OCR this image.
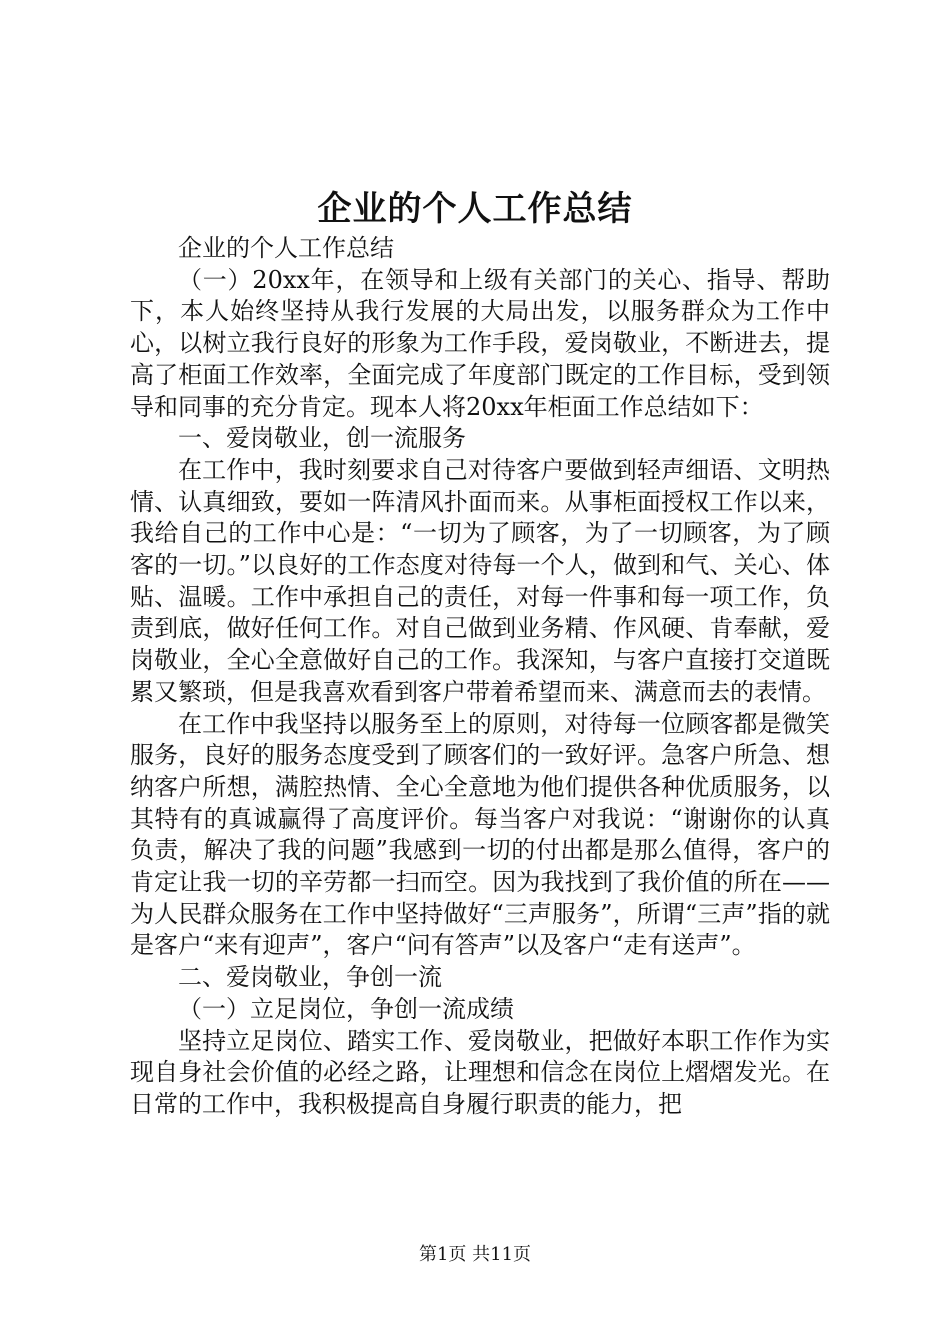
企业的个人工作总结

企业的个人工作总结

（一）20xx年，在领导和上级有关部门的关心、指导、帮助下，本人始终坚持从我行发展的大局出发，以服务群众为工作中心，以树立我行良好的形象为工作手段，爱岗敬业，不断进去，提高了柜面工作效率，全面完成了年度部门既定的工作目标，受到领导和同事的充分肯定。现本人将20xx年柜面工作总结如下：

一、爱岗敬业，创一流服务

在工作中，我时刻要求自己对待客户要做到轻声细语、文明热情、认真细致，要如一阵清风扑面而来。从事柜面授权工作以来，我给自己的工作中心是：“一切为了顾客，为了一切顾客，为了顾客的一切。”以良好的工作态度对待每一个人，做到和气、关心、体贴、温暖。工作中承担自己的责任，对每一件事和每一项工作，负责到底，做好任何工作。对自己做到业务精、作风硬、肯奉献，爱岗敬业，全心全意做好自己的工作。我深知，与客户直接打交道既累又繁琐，但是我喜欢看到客户带着希望而来、满意而去的表情。

在工作中我坚持以服务至上的原则，对待每一位顾客都是微笑服务，良好的服务态度受到了顾客们的一致好评。急客户所急、想纳客户所想，满腔热情、全心全意地为他们提供各种优质服务，以其特有的真诚赢得了高度评价。每当客户对我说：“谢谢你的认真负责，解决了我的问题”我感到一切的付出都是那么值得，客户的肯定让我一切的辛劳都一扫而空。因为我找到了我价值的所在——为人民群众服务在工作中坚持做好“三声服务”，所谓“三声”指的就是客户“来有迎声”，客户“问有答声”以及客户“走有送声”。

二、爱岗敬业，争创一流

（一）立足岗位，争创一流成绩

坚持立足岗位、踏实工作、爱岗敬业，把做好本职工作作为实现自身社会价值的必经之路，让理想和信念在岗位上熠熠发光。在日常的工作中，我积极提高自身履行职责的能力，把

第1页 共11页
